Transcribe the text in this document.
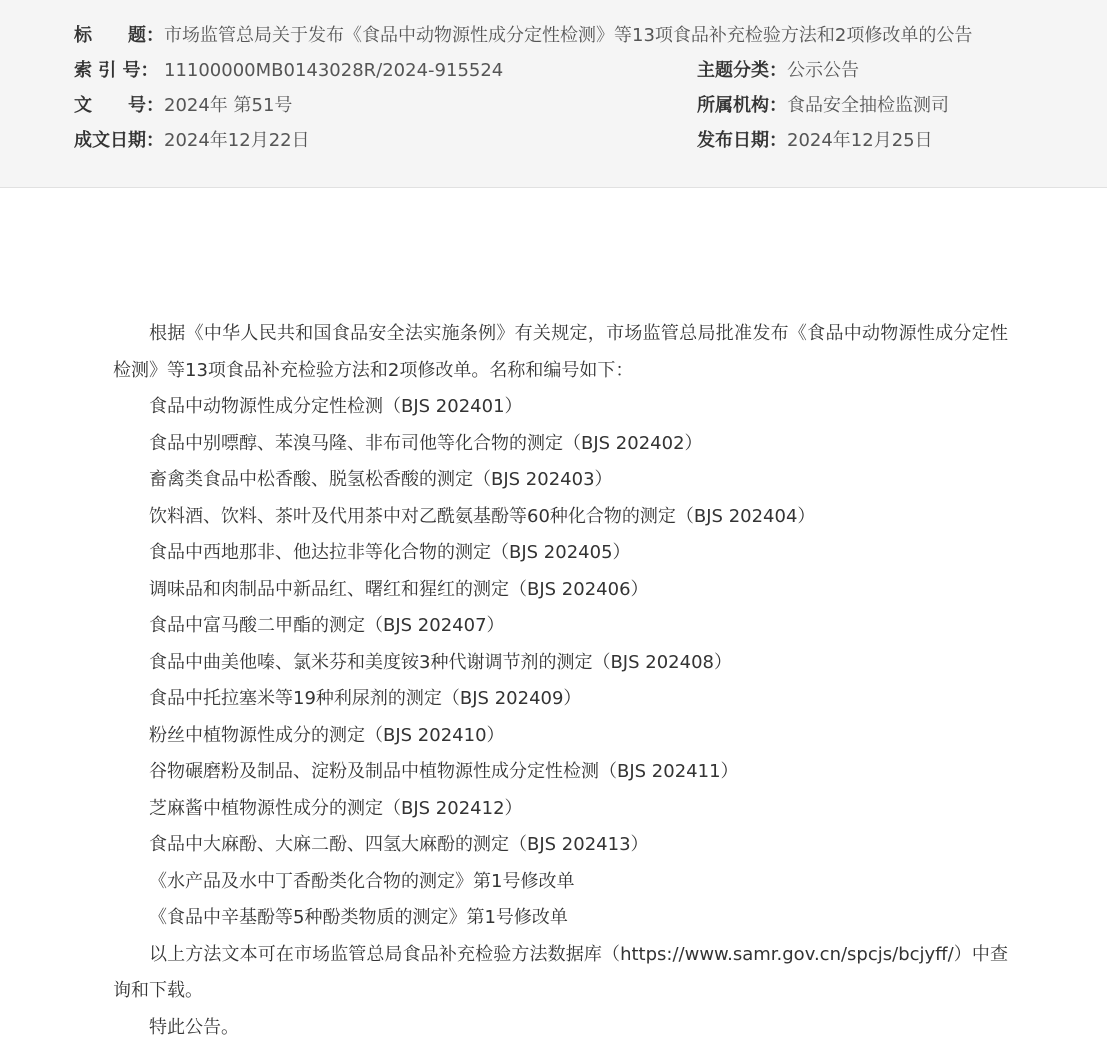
标　　题： 市场监管总局关于发布《食品中动物源性成分定性检测》等13项食品补充检验方法和2项修改单的公告
索 引 号： 11100000MB0143028R/2024-915524	主题分类： 公示公告
文　　号： 2024年 第51号	所属机构： 食品安全抽检监测司
成文日期： 2024年12月22日	发布日期： 2024年12月25日

根据《中华人民共和国食品安全法实施条例》有关规定，市场监管总局批准发布《食品中动物源性成分定性检测》等13项食品补充检验方法和2项修改单。名称和编号如下：

食品中动物源性成分定性检测（BJS 202401）

食品中别嘌醇、苯溴马隆、非布司他等化合物的测定（BJS 202402）

畜禽类食品中松香酸、脱氢松香酸的测定（BJS 202403）

饮料酒、饮料、茶叶及代用茶中对乙酰氨基酚等60种化合物的测定（BJS 202404）

食品中西地那非、他达拉非等化合物的测定（BJS 202405）

调味品和肉制品中新品红、曙红和猩红的测定（BJS 202406）

食品中富马酸二甲酯的测定（BJS 202407）

食品中曲美他嗪、氯米芬和美度铵3种代谢调节剂的测定（BJS 202408）

食品中托拉塞米等19种利尿剂的测定（BJS 202409）

粉丝中植物源性成分的测定（BJS 202410）

谷物碾磨粉及制品、淀粉及制品中植物源性成分定性检测（BJS 202411）

芝麻酱中植物源性成分的测定（BJS 202412）

食品中大麻酚、大麻二酚、四氢大麻酚的测定（BJS 202413）

《水产品及水中丁香酚类化合物的测定》第1号修改单

《食品中辛基酚等5种酚类物质的测定》第1号修改单

以上方法文本可在市场监管总局食品补充检验方法数据库（https://www.samr.gov.cn/spcjs/bcjyff/）中查询和下载。

特此公告。
